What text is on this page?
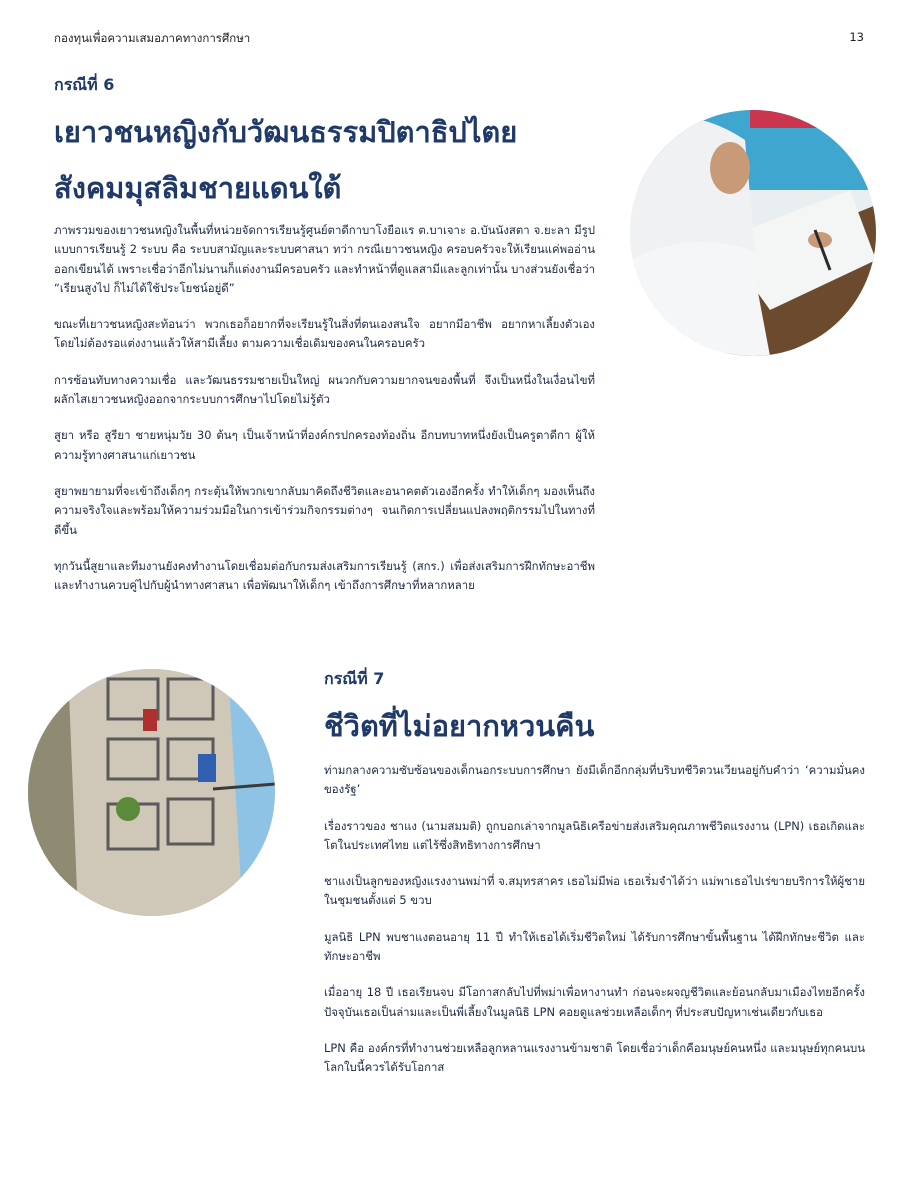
กองทุนเพื่อความเสมอภาคทางการศึกษา	13
กรณีที่ 6
เยาวชนหญิงกับวัฒนธรรมปิตาธิปไตย
สังคมมุสลิมชายแดนใต้

ภาพรวมของเยาวชนหญิงในพื้นที่หน่วยจัดการเรียนรู้ศูนย์ตาดีกาบาโงยือแร ต.บาเจาะ อ.บันนังสตา จ.ยะลา มีรูปแบบการเรียนรู้ 2 ระบบ คือ ระบบสามัญและระบบศาสนา ทว่า กรณีเยาวชนหญิง ครอบครัวจะให้เรียนแค่พออ่านออกเขียนได้ เพราะเชื่อว่าอีกไม่นานก็แต่งงานมีครอบครัว และทำหน้าที่ดูแลสามีและลูกเท่านั้น บางส่วนยังเชื่อว่า “เรียนสูงไป ก็ไม่ได้ใช้ประโยชน์อยู่ดี”

ขณะที่เยาวชนหญิงสะท้อนว่า พวกเธอก็อยากที่จะเรียนรู้ในสิ่งที่ตนเองสนใจ อยากมีอาชีพ อยากหาเลี้ยงตัวเอง โดยไม่ต้องรอแต่งงานแล้วให้สามีเลี้ยง ตามความเชื่อเดิมของคนในครอบครัว

การซ้อนทับทางความเชื่อ และวัฒนธรรมชายเป็นใหญ่ ผนวกกับความยากจนของพื้นที่ จึงเป็นหนึ่งในเงื่อนไขที่ผลักไสเยาวชนหญิงออกจากระบบการศึกษาไปโดยไม่รู้ตัว

สูยา หรือ สูรียา ชายหนุ่มวัย 30 ต้นๆ เป็นเจ้าหน้าที่องค์กรปกครองท้องถิ่น อีกบทบาทหนึ่งยังเป็นครูตาดีกา ผู้ให้ความรู้ทางศาสนาแก่เยาวชน

สูยาพยายามที่จะเข้าถึงเด็กๆ กระตุ้นให้พวกเขากลับมาคิดถึงชีวิตและอนาคตตัวเองอีกครั้ง ทำให้เด็กๆ มองเห็นถึงความจริงใจและพร้อมให้ความร่วมมือในการเข้าร่วมกิจกรรมต่างๆ จนเกิดการเปลี่ยนแปลงพฤติกรรมไปในทางที่ดีขึ้น

ทุกวันนี้สูยาและทีมงานยังคงทำงานโดยเชื่อมต่อกับกรมส่งเสริมการเรียนรู้ (สกร.) เพื่อส่งเสริมการฝึกทักษะอาชีพ และทำงานควบคู่ไปกับผู้นำทางศาสนา เพื่อพัฒนาให้เด็กๆ เข้าถึงการศึกษาที่หลากหลาย

กรณีที่ 7
ชีวิตที่ไม่อยากหวนคืน

ท่ามกลางความซับซ้อนของเด็กนอกระบบการศึกษา ยังมีเด็กอีกกลุ่มที่บริบทชีวิตวนเวียนอยู่กับคำว่า ‘ความมั่นคงของรัฐ’

เรื่องราวของ ชาแง (นามสมมติ) ถูกบอกเล่าจากมูลนิธิเครือข่ายส่งเสริมคุณภาพชีวิตแรงงาน (LPN) เธอเกิดและโตในประเทศไทย แต่ไร้ซึ่งสิทธิทางการศึกษา

ชาแงเป็นลูกของหญิงแรงงานพม่าที่ จ.สมุทรสาคร เธอไม่มีพ่อ เธอเริ่มจำได้ว่า แม่พาเธอไปเร่ขายบริการให้ผู้ชายในชุมชนตั้งแต่ 5 ขวบ

มูลนิธิ LPN พบชาแงตอนอายุ 11 ปี ทำให้เธอได้เริ่มชีวิตใหม่ ได้รับการศึกษาขั้นพื้นฐาน ได้ฝึกทักษะชีวิต และทักษะอาชีพ

เมื่ออายุ 18 ปี เธอเรียนจบ มีโอกาสกลับไปที่พม่าเพื่อหางานทำ ก่อนจะผจญชีวิตและย้อนกลับมาเมืองไทยอีกครั้ง ปัจจุบันเธอเป็นล่ามและเป็นพี่เลี้ยงในมูลนิธิ LPN คอยดูแลช่วยเหลือเด็กๆ ที่ประสบปัญหาเช่นเดียวกับเธอ

LPN คือ องค์กรที่ทำงานช่วยเหลือลูกหลานแรงงานข้ามชาติ โดยเชื่อว่าเด็กคือมนุษย์คนหนึ่ง และมนุษย์ทุกคนบนโลกใบนี้ควรได้รับโอกาส
